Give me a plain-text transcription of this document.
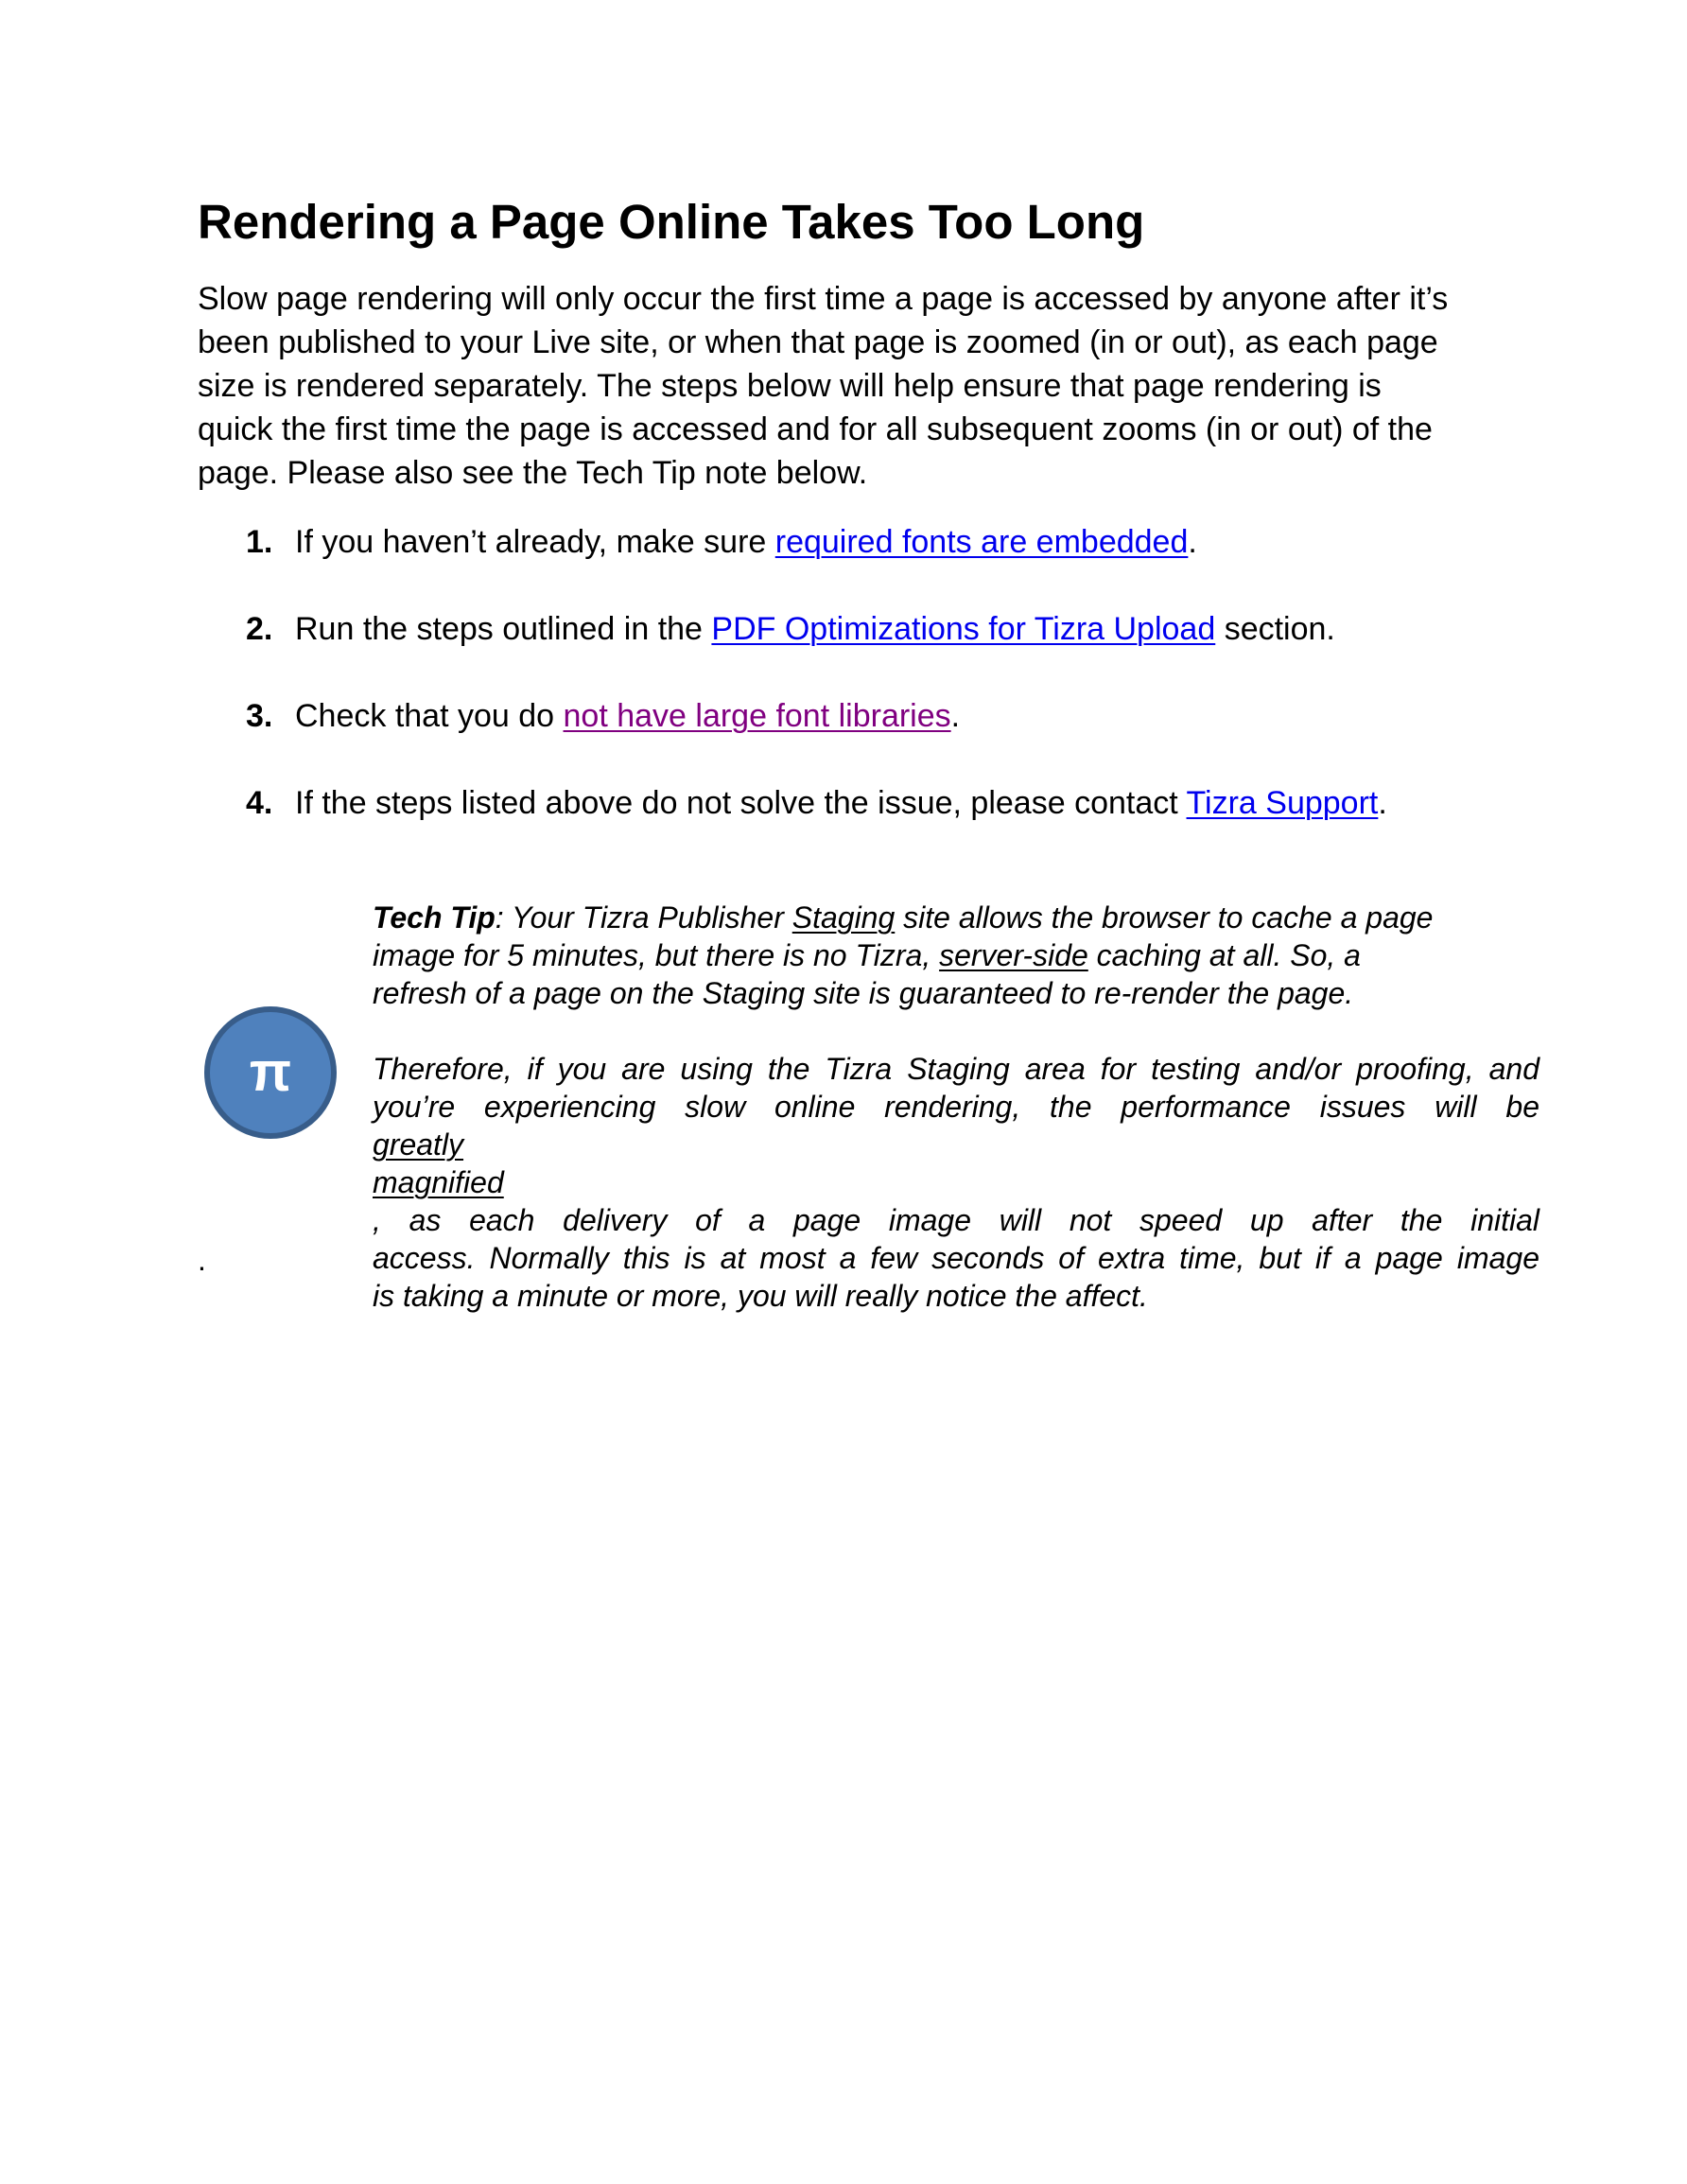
Rendering a Page Online Takes Too Long

Slow page rendering will only occur the first time a page is accessed by anyone after it’s
been published to your Live site, or when that page is zoomed (in or out), as each page
size is rendered separately. The steps below will help ensure that page rendering is
quick the first time the page is accessed and for all subsequent zooms (in or out) of the
page. Please also see the Tech Tip note below.

1. If you haven’t already, make sure required fonts are embedded.
2. Run the steps outlined in the PDF Optimizations for Tizra Upload section.
3. Check that you do not have large font libraries.
4. If the steps listed above do not solve the issue, please contact Tizra Support.
π

Tech Tip: Your Tizra Publisher Staging site allows the browser to cache a page
image for 5 minutes, but there is no Tizra, server-side caching at all. So, a
refresh of a page on the Staging site is guaranteed to re-render the page.

Therefore, if you are using the Tizra Staging area for testing and/or proofing, and
you’re experiencing slow online rendering, the performance issues will be
greatly
magnified
, as each delivery of a page image will not speed up after the initial
access. Normally this is at most a few seconds of extra time, but if a page image
is taking a minute or more, you will really notice the affect.

.
